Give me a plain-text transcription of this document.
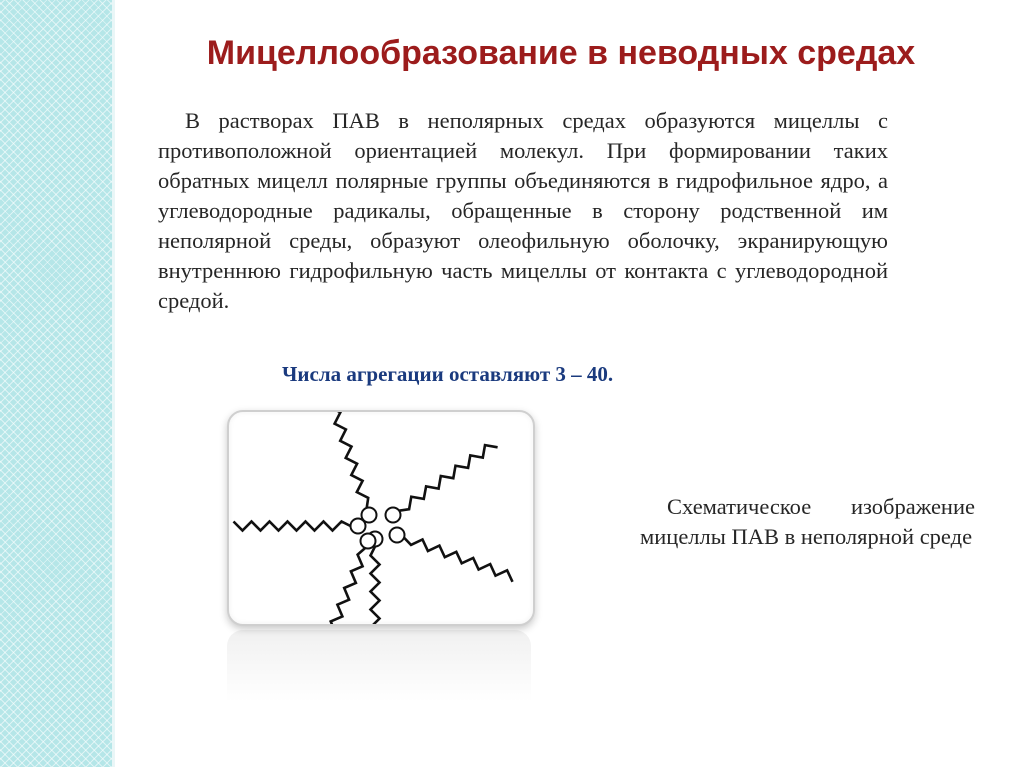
Мицеллообразование в неводных средах

В растворах ПАВ в неполярных средах образуются мицеллы с противоположной ориентацией молекул. При формировании таких обратных мицелл полярные группы объединяются в гидрофильное ядро, а углеводородные радикалы, обращенные в сторону родственной им неполярной среды, образуют олеофильную оболочку, экранирующую внутреннюю гидрофильную часть мицеллы от контакта с углеводородной средой.

Числа агрегации оставляют 3 – 40.

Схематическое изображение мицеллы ПАВ в неполярной среде
